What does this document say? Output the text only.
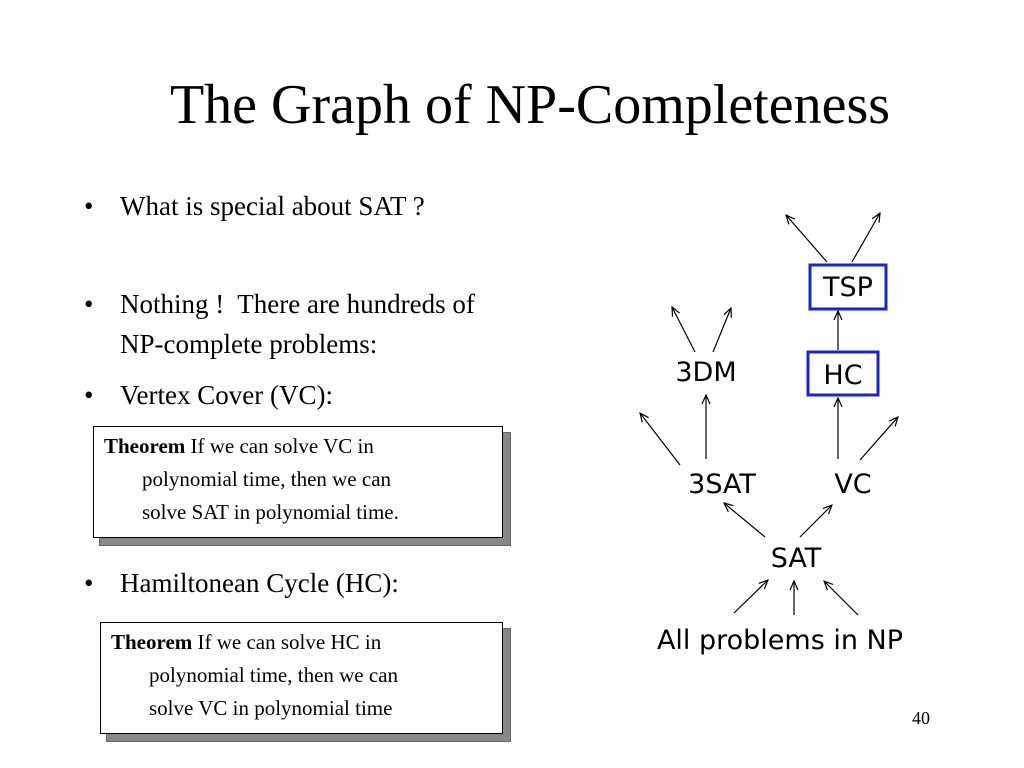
The Graph of NP-Completeness
• What is special about SAT ?
• Nothing !  There are hundreds of
NP-complete problems:
• Vertex Cover (VC):
Theorem If we can solve VC in
polynomial time, then we can
solve SAT in polynomial time.
• Hamiltonean Cycle (HC):
Theorem If we can solve HC in
polynomial time, then we can
solve VC in polynomial time
TSP
HC
3DM
3SAT	VC
SAT
All problems in NP
40
